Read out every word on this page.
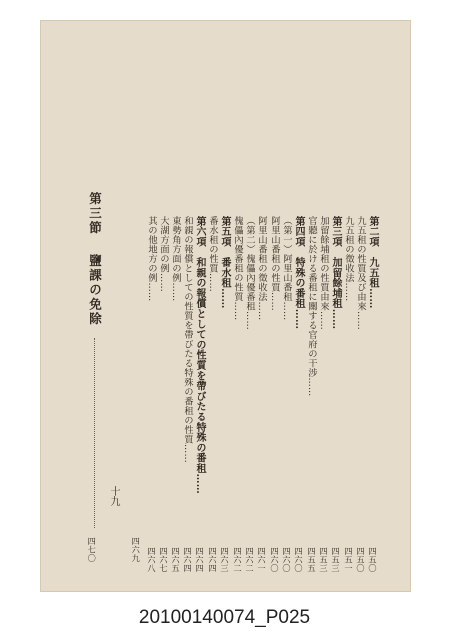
第二項　九五租……
四五〇
九五租の性質及び由來……
四五〇
九五租の徵收法……
四五一
第三項　加留餘埔租……
四五三
加留餘埔租の性質由來……
四五三
官聽に於ける番租に關する官府の干涉……
四五五
第四項　特殊の番租……
四六〇
（第一）阿里山番租……
四六〇
阿里山番租の性質……
四六〇
阿里山番租の徵收法……
四六一
（第二）傀儡內優番租……
四六二
傀儡內優番租の性質……
四六二
第五項　番水租……
四六三
番水租の性質……
四六四
第六項　和親の報償としての性質を帶びたる特殊の番租……
四六四
和親の報償としての性質を帶びたる特殊の番租の性質……
四六四
東勢角方面の例……
四六五
大湖方面の例……
四六七
其の他地方の例……
四六八
第三節
鹽課の免除
四六九
四七〇
十九
20100140074_P025
